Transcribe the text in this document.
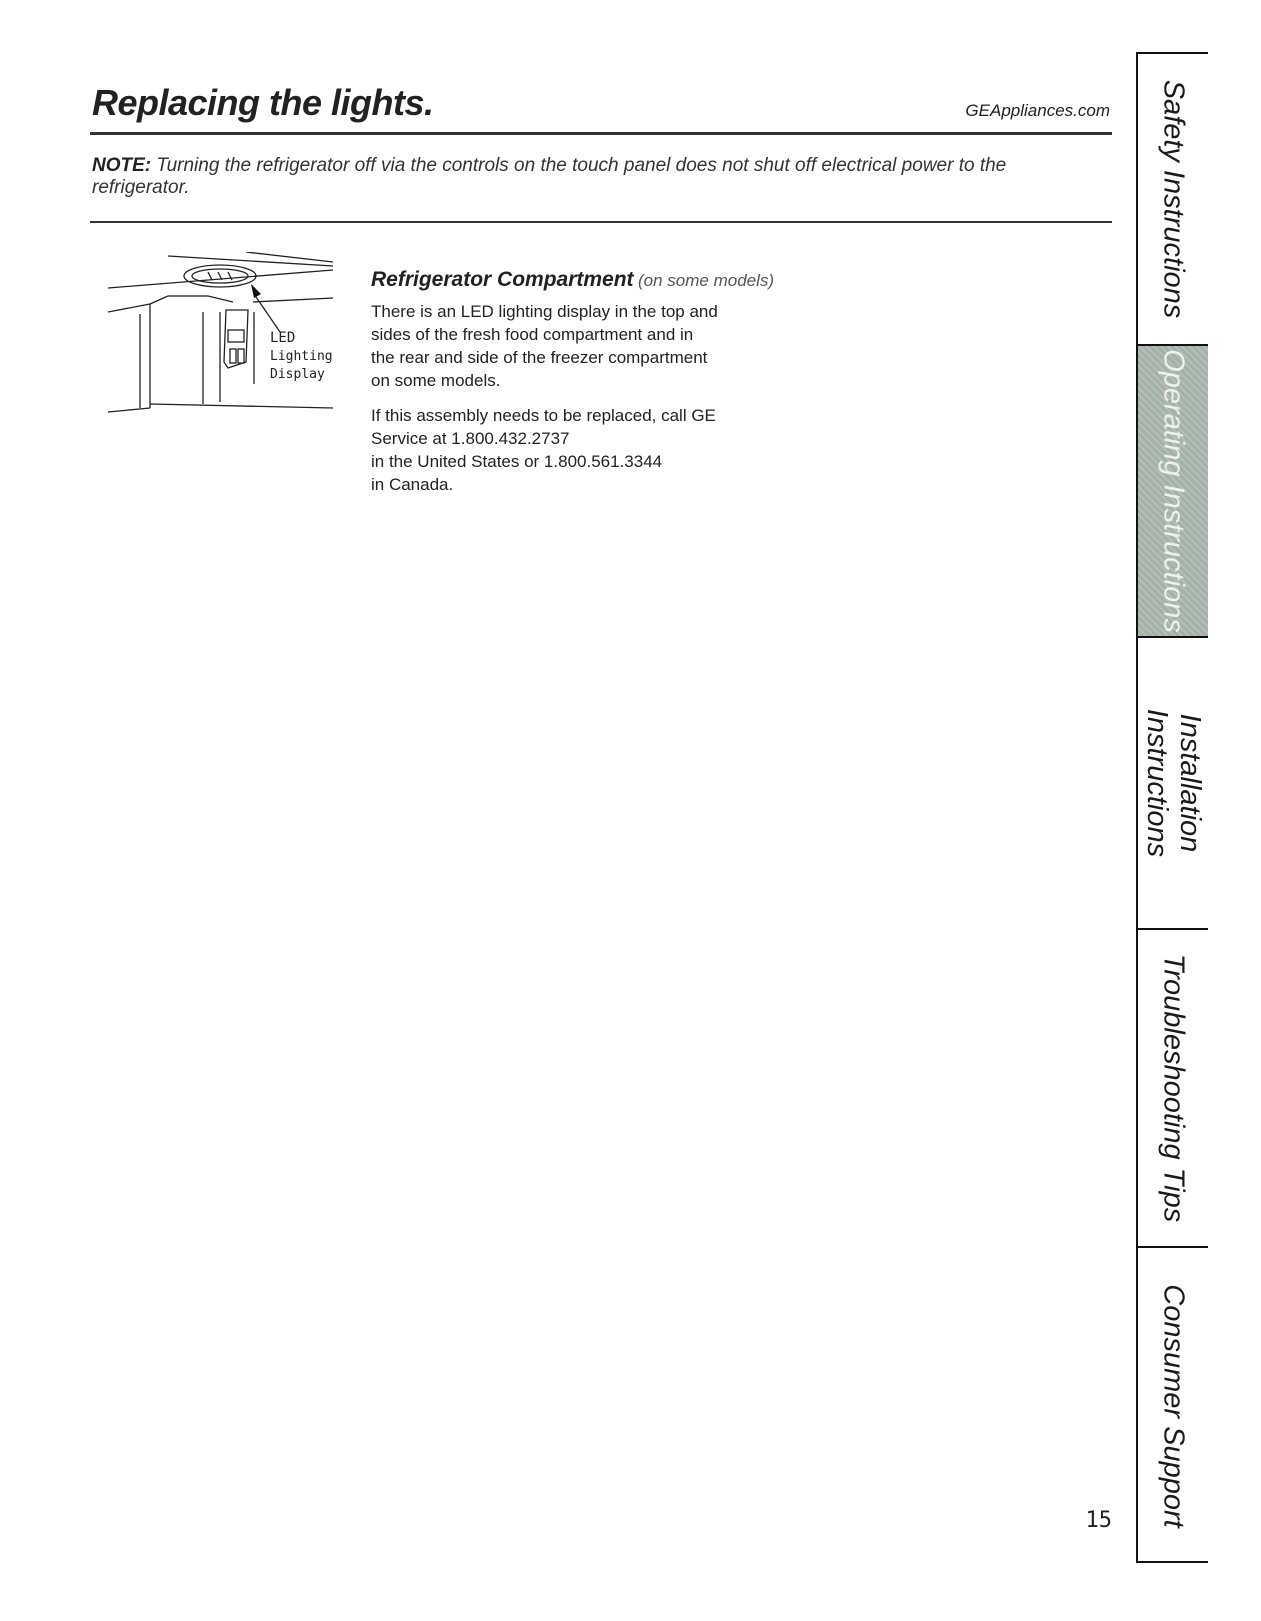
Replacing the lights.	GEAppliances.com
NOTE: Turning the refrigerator off via the controls on the touch panel does not shut off electrical power to the refrigerator.
LED
Lighting
Display
Refrigerator Compartment (on some models)
There is an LED lighting display in the top and
sides of the fresh food compartment and in
the rear and side of the freezer compartment
on some models.
If this assembly needs to be replaced, call GE
Service at 1.800.432.2737
in the United States or 1.800.561.3344
in Canada.
15
Safety Instructions
Operating Instructions
Installation
Instructions
Troubleshooting Tips
Consumer Support
